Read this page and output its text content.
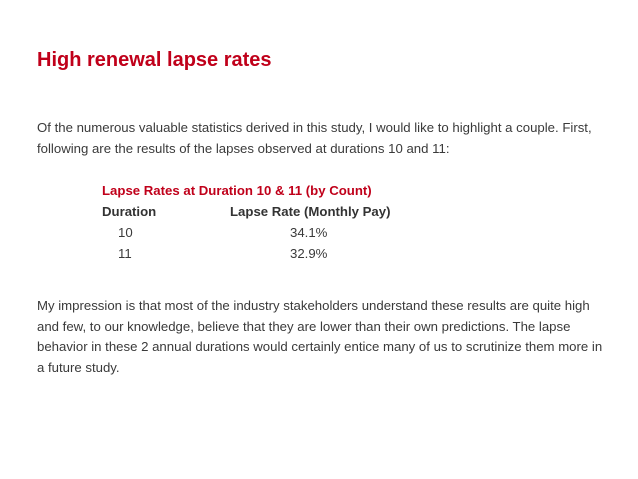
High renewal lapse rates
Of the numerous valuable statistics derived in this study, I would like to highlight a couple. First, following are the results of the lapses observed at durations 10 and 11:
Lapse Rates at Duration 10 & 11 (by Count)
Duration	Lapse Rate (Monthly Pay)
10	34.1%
11	32.9%
My impression is that most of the industry stakeholders understand these results are quite high and few, to our knowledge, believe that they are lower than their own predictions. The lapse behavior in these 2 annual durations would certainly entice many of us to scrutinize them more in a future study.
